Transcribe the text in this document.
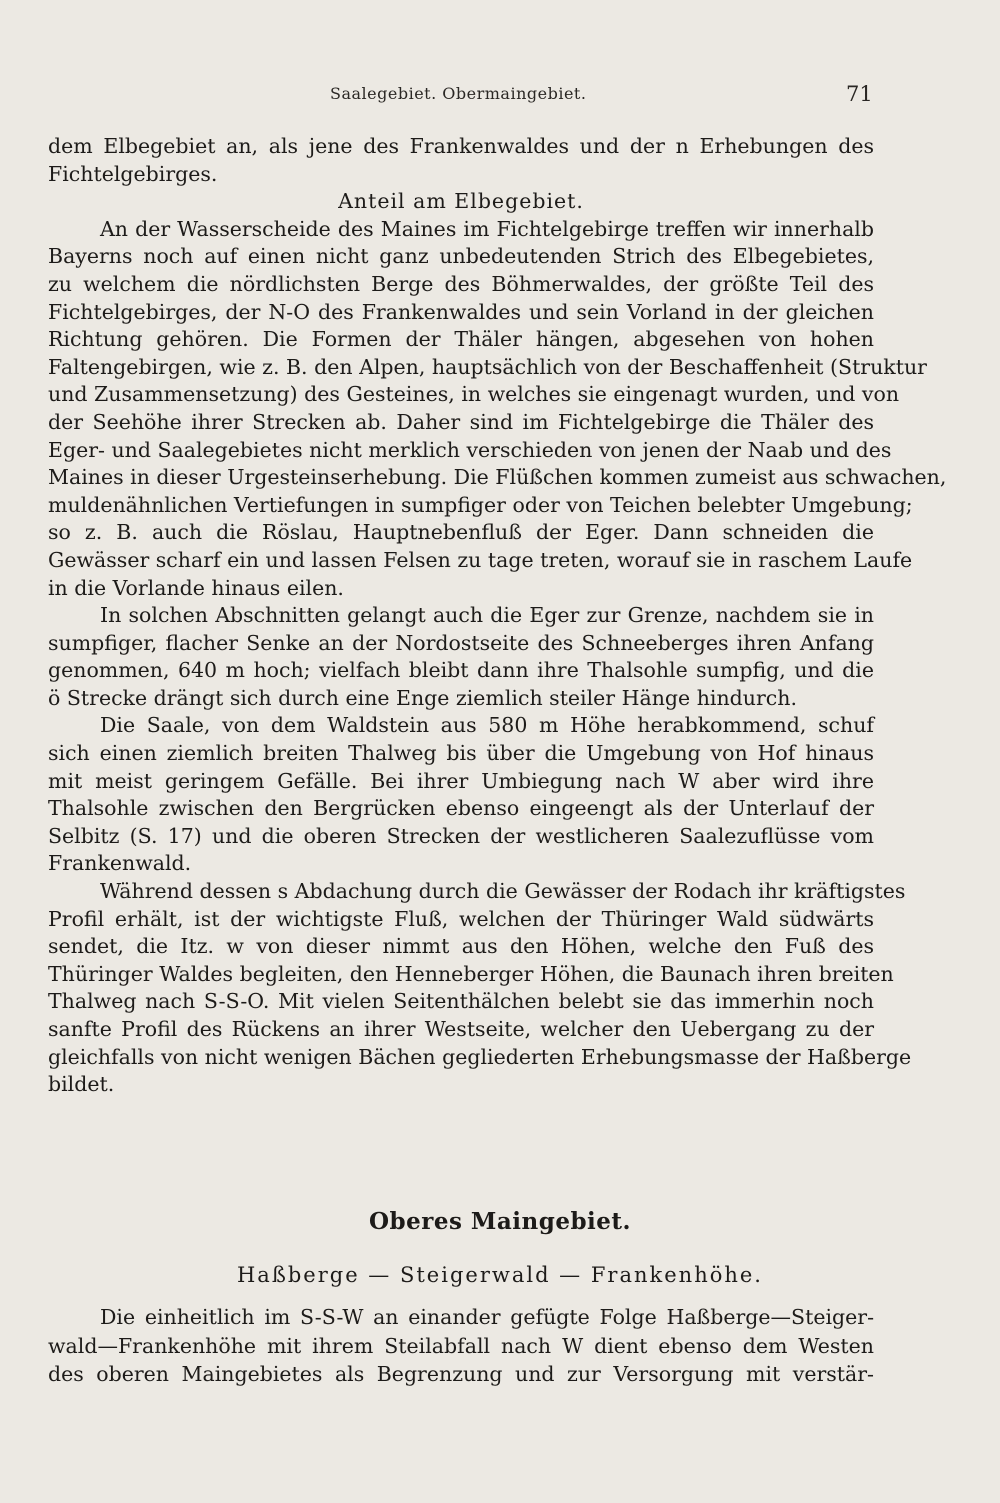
Saalegebiet. Obermaingebiet.	71
dem Elbegebiet an, als jene des Frankenwaldes und der n Erhebungen des
Fichtelgebirges.
Anteil am Elbegebiet.
An der Wasserscheide des Maines im Fichtelgebirge treffen wir innerhalb
Bayerns noch auf einen nicht ganz unbedeutenden Strich des Elbegebietes,
zu welchem die nördlichsten Berge des Böhmerwaldes, der größte Teil des
Fichtelgebirges, der N-O des Frankenwaldes und sein Vorland in der gleichen
Richtung gehören. Die Formen der Thäler hängen, abgesehen von hohen
Faltengebirgen, wie z. B. den Alpen, hauptsächlich von der Beschaffenheit (Struktur
und Zusammensetzung) des Gesteines, in welches sie eingenagt wurden, und von
der Seehöhe ihrer Strecken ab. Daher sind im Fichtelgebirge die Thäler des
Eger- und Saalegebietes nicht merklich verschieden von jenen der Naab und des
Maines in dieser Urgesteinserhebung. Die Flüßchen kommen zumeist aus schwachen,
muldenähnlichen Vertiefungen in sumpfiger oder von Teichen belebter Umgebung;
so z. B. auch die Röslau, Hauptnebenfluß der Eger. Dann schneiden die
Gewässer scharf ein und lassen Felsen zu tage treten, worauf sie in raschem Laufe
in die Vorlande hinaus eilen.
In solchen Abschnitten gelangt auch die Eger zur Grenze, nachdem sie in
sumpfiger, flacher Senke an der Nordostseite des Schneeberges ihren Anfang
genommen, 640 m hoch; vielfach bleibt dann ihre Thalsohle sumpfig, und die
ö Strecke drängt sich durch eine Enge ziemlich steiler Hänge hindurch.
Die Saale, von dem Waldstein aus 580 m Höhe herabkommend, schuf
sich einen ziemlich breiten Thalweg bis über die Umgebung von Hof hinaus
mit meist geringem Gefälle. Bei ihrer Umbiegung nach W aber wird ihre
Thalsohle zwischen den Bergrücken ebenso eingeengt als der Unterlauf der
Selbitz (S. 17) und die oberen Strecken der westlicheren Saalezuflüsse vom
Frankenwald.
Während dessen s Abdachung durch die Gewässer der Rodach ihr kräftigstes
Profil erhält, ist der wichtigste Fluß, welchen der Thüringer Wald südwärts
sendet, die Itz. w von dieser nimmt aus den Höhen, welche den Fuß des
Thüringer Waldes begleiten, den Henneberger Höhen, die Baunach ihren breiten
Thalweg nach S-S-O. Mit vielen Seitenthälchen belebt sie das immerhin noch
sanfte Profil des Rückens an ihrer Westseite, welcher den Uebergang zu der
gleichfalls von nicht wenigen Bächen gegliederten Erhebungsmasse der Haßberge
bildet.
Oberes Maingebiet.
Haßberge — Steigerwald — Frankenhöhe.
Die einheitlich im S-S-W an einander gefügte Folge Haßberge—Steiger-
wald—Frankenhöhe mit ihrem Steilabfall nach W dient ebenso dem Westen
des oberen Maingebietes als Begrenzung und zur Versorgung mit verstär-
